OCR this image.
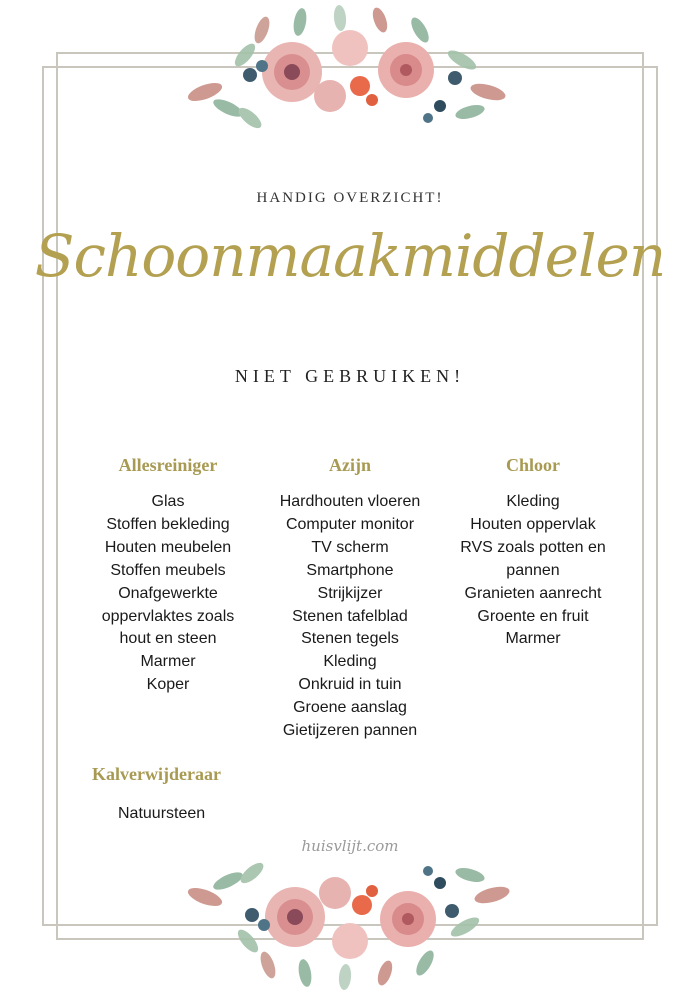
HANDIG OVERZICHT!
Schoonmaakmiddelen
NIET GEBRUIKEN!
Allesreiniger
Glas
Stoffen bekleding
Houten meubelen
Stoffen meubels
Onafgewerkte
oppervlaktes zoals
hout en steen
Marmer
Koper
Azijn
Hardhouten vloeren
Computer monitor
TV scherm
Smartphone
Strijkijzer
Stenen tafelblad
Stenen tegels
Kleding
Onkruid in tuin
Groene aanslag
Gietijzeren pannen
Chloor
Kleding
Houten oppervlak
RVS zoals potten en
pannen
Granieten aanrecht
Groente en fruit
Marmer
Kalverwijderaar
Natuursteen
huisvlijt.com
